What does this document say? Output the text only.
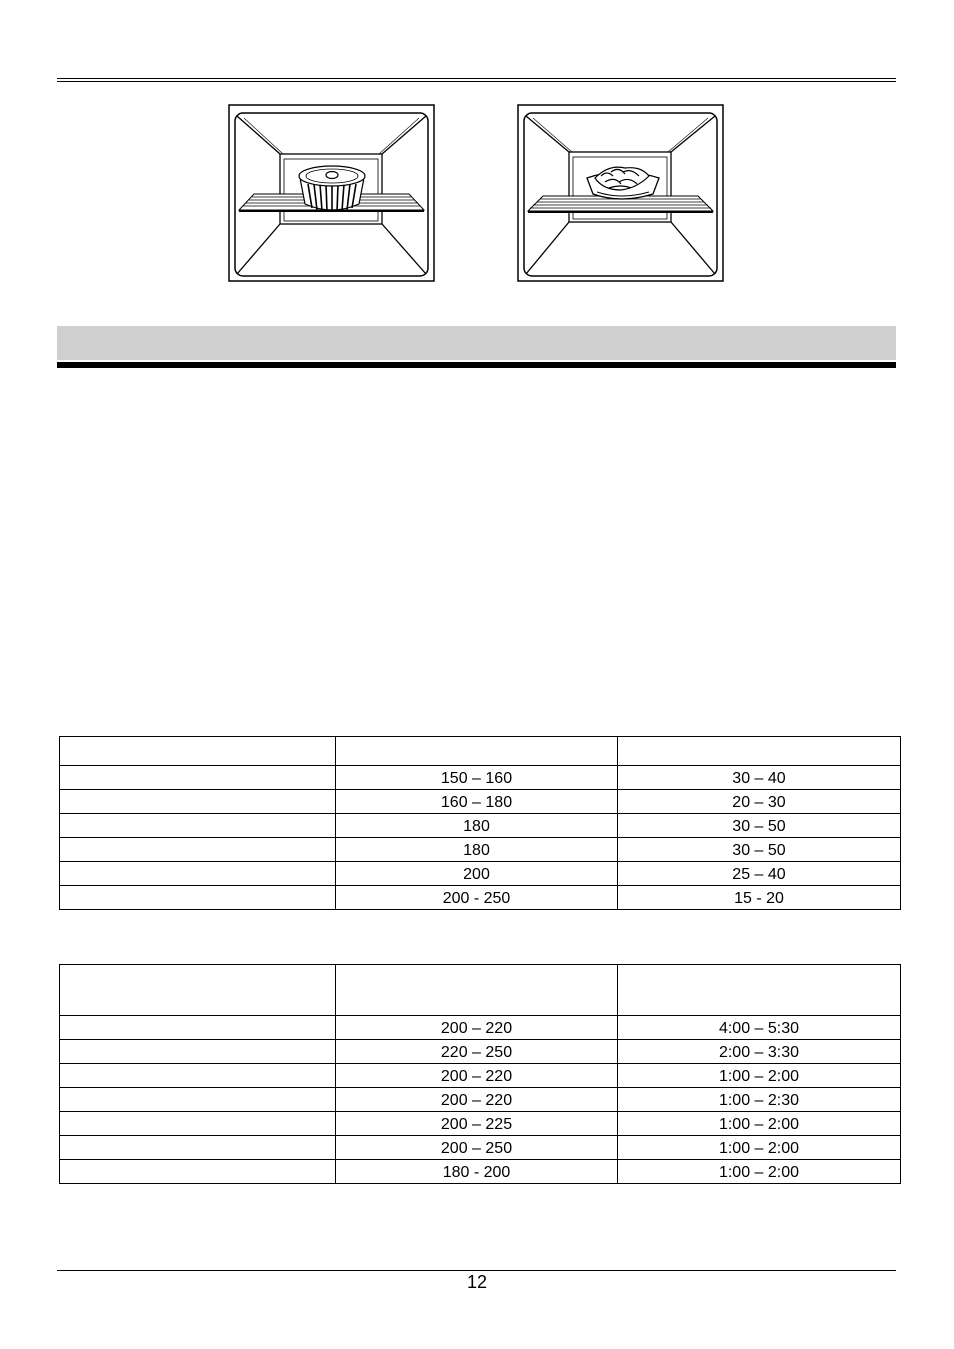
	150 – 160	30 – 40
	160 – 180	20 – 30
	180	30 – 50
	180	30 – 50
	200	25 – 40
	200 - 250	15 - 20

	200 – 220	4:00 – 5:30
	220 – 250	2:00 – 3:30
	200 – 220	1:00 – 2:00
	200 – 220	1:00 – 2:30
	200 – 225	1:00 – 2:00
	200 – 250	1:00 – 2:00
	180 - 200	1:00 – 2:00
12
